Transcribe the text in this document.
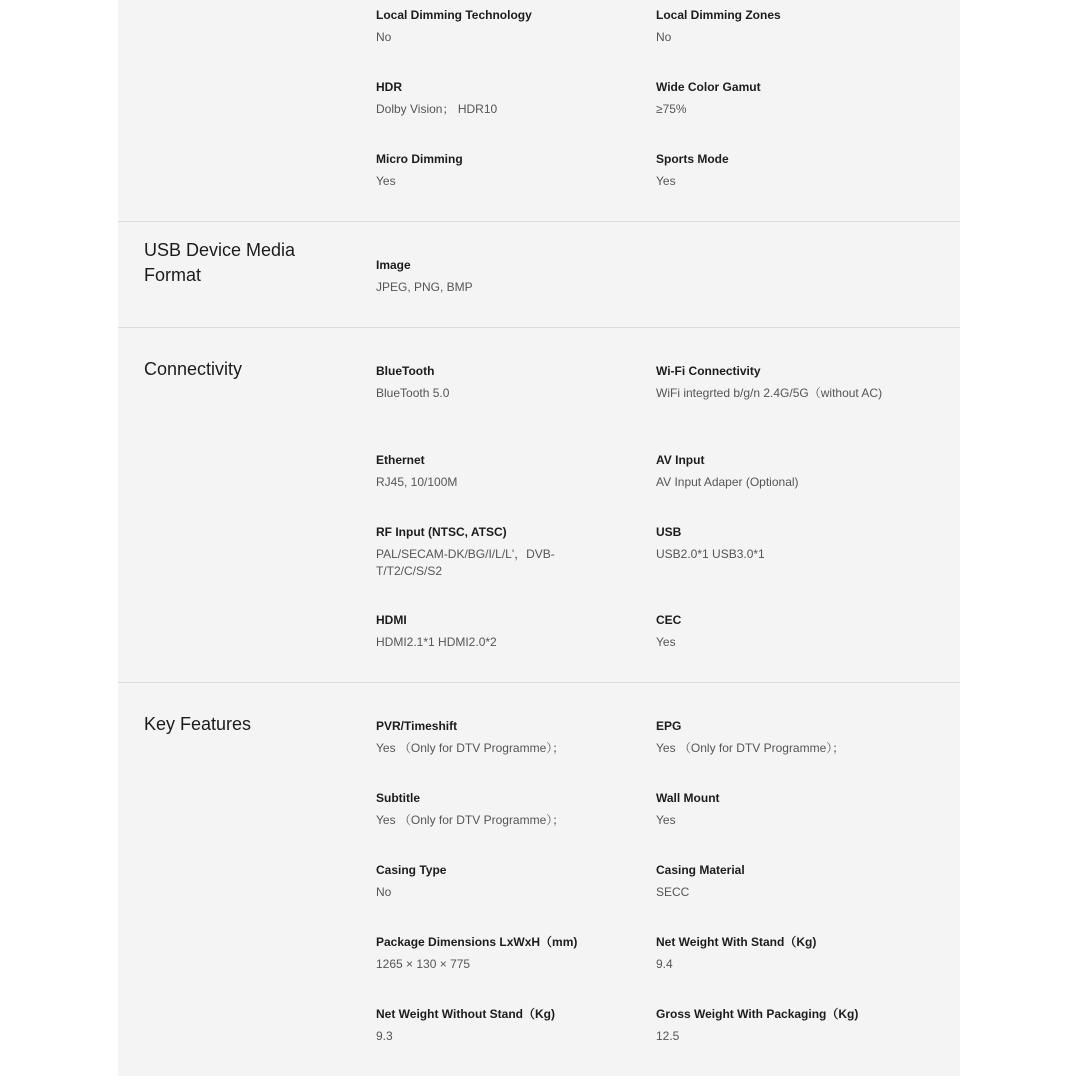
Local Dimming Technology
No
Local Dimming Zones
No
HDR
Dolby Vision； HDR10
Wide Color Gamut
≥75%
Micro Dimming
Yes
Sports Mode
Yes
USB Device Media Format	Image
JPEG, PNG, BMP
Connectivity	BlueTooth
BlueTooth 5.0
Wi-Fi Connectivity
WiFi integrted b/g/n 2.4G/5G（without AC)
Ethernet
RJ45, 10/100M
AV Input
AV Input Adaper (Optional)
RF Input (NTSC, ATSC)
PAL/SECAM-DK/BG/I/L/L'，DVB-T/T2/C/S/S2
USB
USB2.0*1 USB3.0*1
HDMI
HDMI2.1*1 HDMI2.0*2
CEC
Yes
Key Features	PVR/Timeshift
Yes （Only for DTV Programme）；
EPG
Yes （Only for DTV Programme）；
Subtitle
Yes （Only for DTV Programme）；
Wall Mount
Yes
Casing Type
No
Casing Material
SECC
Package Dimensions LxWxH（mm)
1265 × 130 × 775
Net Weight With Stand（Kg)
9.4
Net Weight Without Stand（Kg)
9.3
Gross Weight With Packaging（Kg)
12.5
